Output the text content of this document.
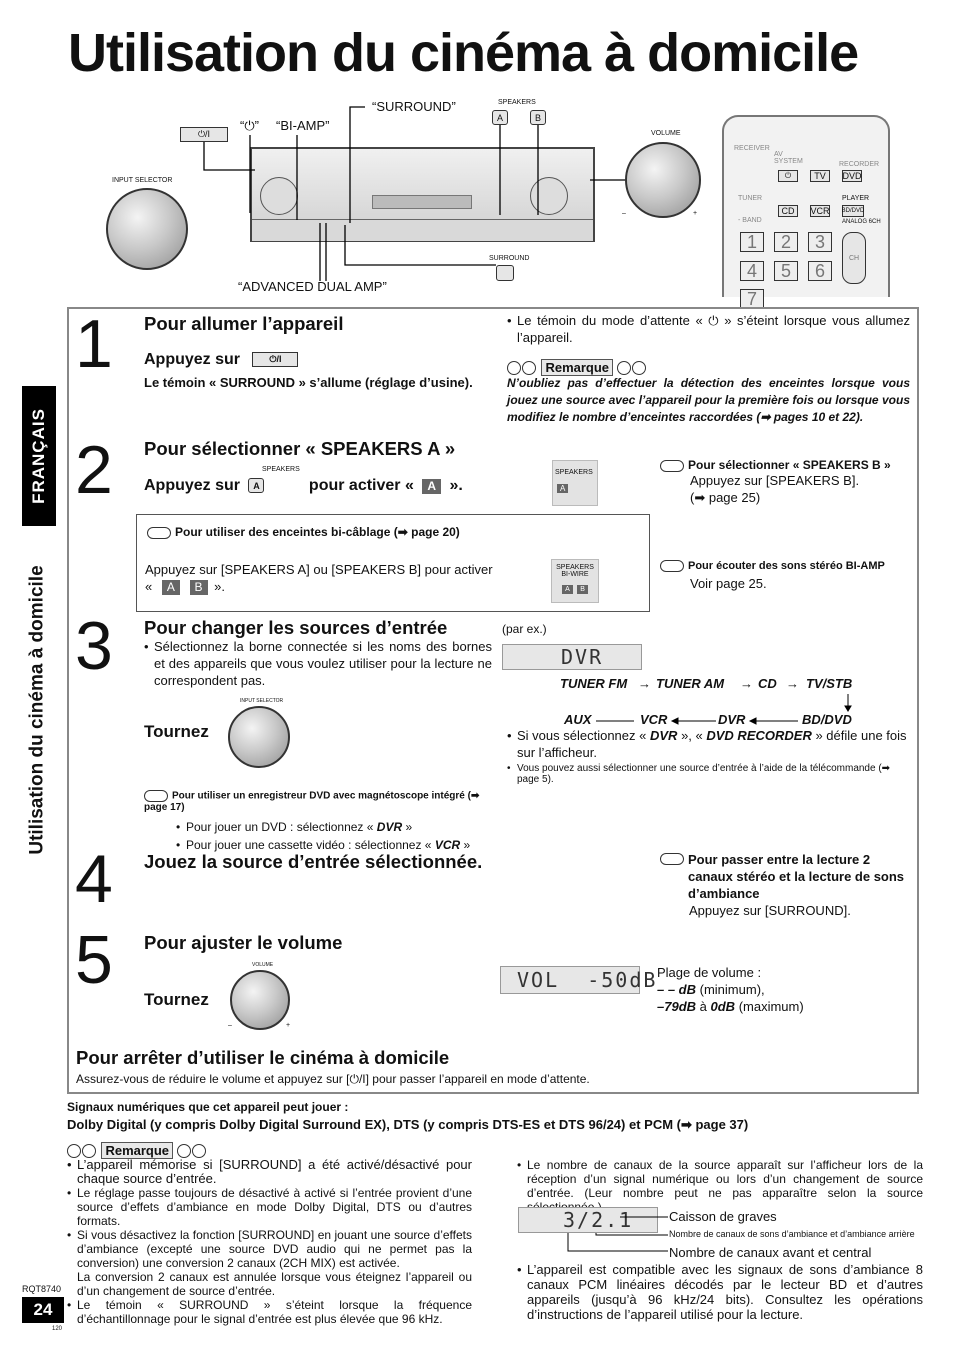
Utilisation du cinéma à domicile
⏻/I
“⏻” “BI-AMP”
“SURROUND”	SPEAKERS
A	B
INPUT SELECTOR
VOLUME
–	+
SURROUND
“ADVANCED DUAL AMP”
RECEIVER
AV SYSTEM	RECORDER
⏻	TV DVD
TUNER
- BAND
CD VCR
PLAYER
BD/DVD
ANALOG 6CH
1 2 3
4 5 6
7
CH
FRANÇAIS
Utilisation du cinéma à domicile
1 Pour allumer l’appareil
Appuyez sur	⏻/I
Le témoin « SURROUND » s’allume (réglage d’usine).
• Le témoin du mode d’attente « ⏻ » s’éteint lorsque vous allumez l’appareil.
Remarque
N’oubliez pas d’effectuer la détection des enceintes lorsque vous jouez une source avec l’appareil pour la première fois ou lorsque vous modifiez le nombre d’enceintes raccordées (➡ pages 10 et 22).
2 Pour sélectionner « SPEAKERS A »
SPEAKERS
Appuyez sur A	pour activer « A ».
SPEAKERS
A
Pour sélectionner « SPEAKERS B »
Appuyez sur [SPEAKERS B].
(➡ page 25)
Pour utiliser des enceintes bi-câblage (➡ page 20)
Appuyez sur [SPEAKERS A] ou [SPEAKERS B] pour activer « A B ».
SPEAKERS
BI-WIRE
A B
Pour écouter des sons stéréo BI-AMP
Voir page 25.
3 Pour changer les sources d’entrée	(par ex.)
DVR
• Sélectionnez la borne connectée si les noms des bornes et des appareils que vous voulez utiliser pour la lecture ne correspondent pas.
Tournez
INPUT SELECTOR
TUNER FM → TUNER AM → CD → TV/STB
AUX	VCR	DVR	BD/DVD
• Si vous sélectionnez « DVR », « DVD RECORDER » défile une fois sur l’afficheur.
• Vous pouvez aussi sélectionner une source d’entrée à l’aide de la télécommande (➡ page 5).
Pour utiliser un enregistreur DVD avec magnétoscope intégré (➡ page 17)
• Pour jouer un DVD : sélectionnez « DVR »
• Pour jouer une cassette vidéo : sélectionnez « VCR »
4 Jouez la source d’entrée sélectionnée.	Pour passer entre la lecture 2 canaux stéréo et la lecture de sons d’ambiance
Appuyez sur [SURROUND].
5 Pour ajuster le volume
Tournez
VOLUME
–	+
VOL  -50dB Plage de volume :
– – dB (minimum),
–79dB à 0dB (maximum)
Pour arrêter d’utiliser le cinéma à domicile
Assurez-vous de réduire le volume et appuyez sur [⏻/I] pour passer l’appareil en mode d’attente.
Signaux numériques que cet appareil peut jouer :
Dolby Digital (y compris Dolby Digital Surround EX), DTS (y compris DTS-ES et DTS 96/24) et PCM (➡ page 37)
Remarque
• L’appareil mémorise si [SURROUND] a été activé/désactivé pour chaque source d’entrée.
• Le réglage passe toujours de désactivé à activé si l’entrée provient d’une source d’effets d’ambiance en mode Dolby Digital, DTS ou d’autres formats.
• Si vous désactivez la fonction [SURROUND] en jouant une source d’effets d’ambiance (excepté une source DVD audio qui ne permet pas la conversion) une conversion 2 canaux (2CH MIX) est activée.
La conversion 2 canaux est annulée lorsque vous éteignez l’appareil ou d’un changement de source d’entrée.
• Le témoin « SURROUND » s’éteint lorsque la fréquence d’échantillonnage pour le signal d’entrée est plus élevée que 96 kHz.
• Le nombre de canaux de la source apparaît sur l’afficheur lors de la réception d’un signal numérique ou lors d’un changement de source d’entrée. (Leur nombre peut ne pas apparaître selon la source
3/2.1	Caisson de graves
Nombre de canaux de sons d’ambiance et d’ambiance arrière
Nombre de canaux avant et central
• L’appareil est compatible avec les signaux de sons d’ambiance 8 canaux PCM linéaires décodés par le lecteur BD et d’autres appareils (jusqu’à 96 kHz/24 bits). Consultez les opérations d’instructions de l’appareil utilisé pour la lecture.
RQT8740
24
120
